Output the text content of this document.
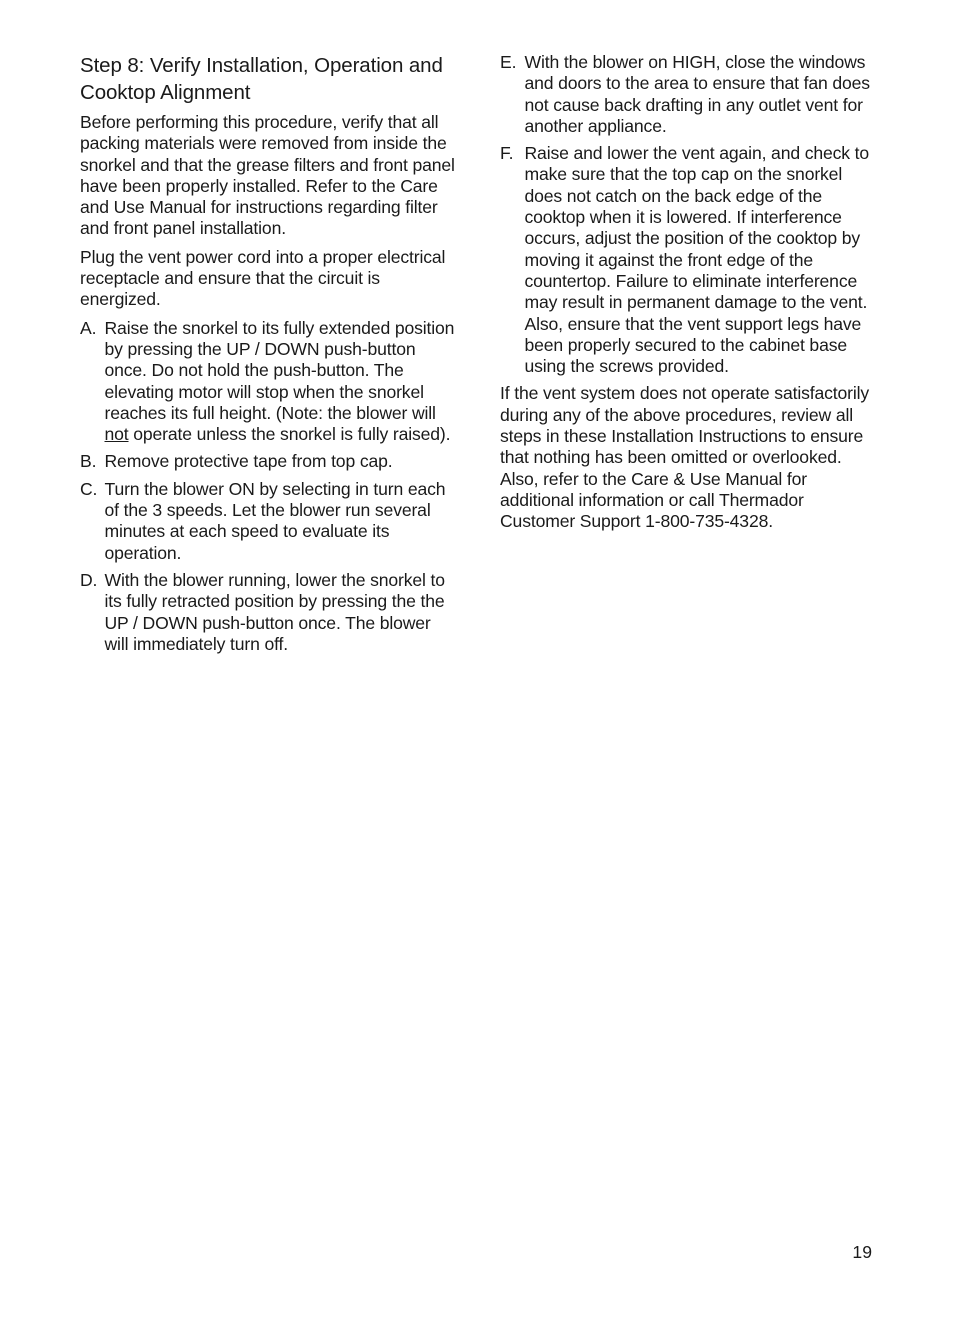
Step 8: Verify Installation, Operation and Cooktop Alignment

Before performing this procedure, verify that all packing materials were removed from inside the snorkel and that the grease filters and front panel have been properly installed. Refer to the Care and Use Manual for instructions regarding filter and front panel installation.

Plug the vent power cord into a proper electrical receptacle and ensure that the circuit is energized.

A. Raise the snorkel to its fully extended position by pressing the UP / DOWN push-button once. Do not hold the push-button. The elevating motor will stop when the snorkel reaches its full height. (Note: the blower will not operate unless the snorkel is fully raised).
B. Remove protective tape from top cap.
C. Turn the blower ON by selecting in turn each of the 3 speeds. Let the blower run several minutes at each speed to evaluate its operation.
D. With the blower running, lower the snorkel to its fully retracted position by pressing the the UP / DOWN push-button once. The blower will immediately turn off.
E. With the blower on HIGH, close the windows and doors to the area to ensure that fan does not cause back drafting in any outlet vent for another appliance.
F. Raise and lower the vent again, and check to make sure that the top cap on the snorkel does not catch on the back edge of the cooktop when it is lowered. If interference occurs, adjust the position of the cooktop by moving it against the front edge of the countertop. Failure to eliminate interference may result in permanent damage to the vent. Also, ensure that the vent support legs have been properly secured to the cabinet base using the screws provided.

If the vent system does not operate satisfactorily during any of the above procedures, review all steps in these Installation Instructions to ensure that nothing has been omitted or overlooked. Also, refer to the Care & Use Manual for additional information or call Thermador Customer Support 1-800-735-4328.

19
